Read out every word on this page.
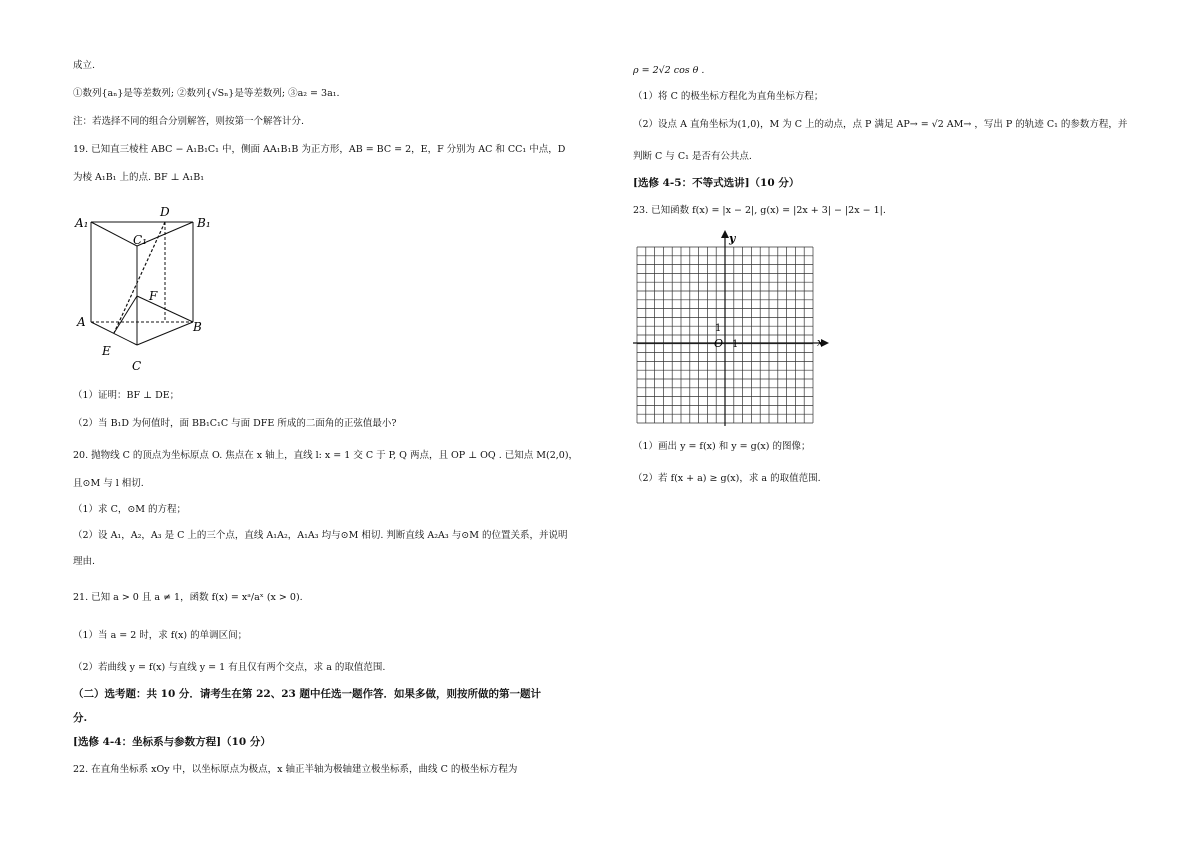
成立.
①数列{aₙ}是等差数列; ②数列{√Sₙ}是等差数列; ③a₂ = 3a₁.
注：若选择不同的组合分别解答，则按第一个解答计分.
19. 已知直三棱柱 ABC − A₁B₁C₁ 中，侧面 AA₁B₁B 为正方形，AB = BC = 2，E，F 分别为 AC 和 CC₁ 中点，D
为棱 A₁B₁ 上的点. BF ⊥ A₁B₁
A₁
D
B₁
C₁
F
A	B
E
C
（1）证明：BF ⊥ DE；
（2）当 B₁D 为何值时，面 BB₁C₁C 与面 DFE 所成的二面角的正弦值最小?
20. 抛物线 C 的顶点为坐标原点 O. 焦点在 x 轴上，直线 l: x = 1 交 C 于 P, Q 两点，且 OP ⊥ OQ . 已知点 M(2,0)，
且⊙M 与 l 相切.
（1）求 C，⊙M 的方程；
（2）设 A₁，A₂，A₃ 是 C 上的三个点，直线 A₁A₂，A₁A₃ 均与⊙M 相切. 判断直线 A₂A₃ 与⊙M 的位置关系，并说明
理由.
21. 已知 a > 0 且 a ≠ 1，函数 f(x) = xᵃ/aˣ (x > 0).
（1）当 a = 2 时，求 f(x) 的单调区间；
（2）若曲线 y = f(x) 与直线 y = 1 有且仅有两个交点，求 a 的取值范围.
（二）选考题：共 10 分．请考生在第 22、23 题中任选一题作答．如果多做，则按所做的第一题计
分.
[选修 4-4：坐标系与参数方程]（10 分）
22. 在直角坐标系 xOy 中，以坐标原点为极点，x 轴正半轴为极轴建立极坐标系，曲线 C 的极坐标方程为
ρ = 2√2 cos θ .
（1）将 C 的极坐标方程化为直角坐标方程；
（2）设点 A 直角坐标为(1,0)，M 为 C 上的动点，点 P 满足 AP→ = √2 AM→ ，写出 P 的轨迹 C₁ 的参数方程，并
判断 C 与 C₁ 是否有公共点.
[选修 4-5：不等式选讲]（10 分）
23. 已知函数 f(x) = |x − 2|, g(x) = |2x + 3| − |2x − 1|.
y
x
O 1
1
（1）画出 y = f(x) 和 y = g(x) 的图像；
（2）若 f(x + a) ≥ g(x)，求 a 的取值范围.
